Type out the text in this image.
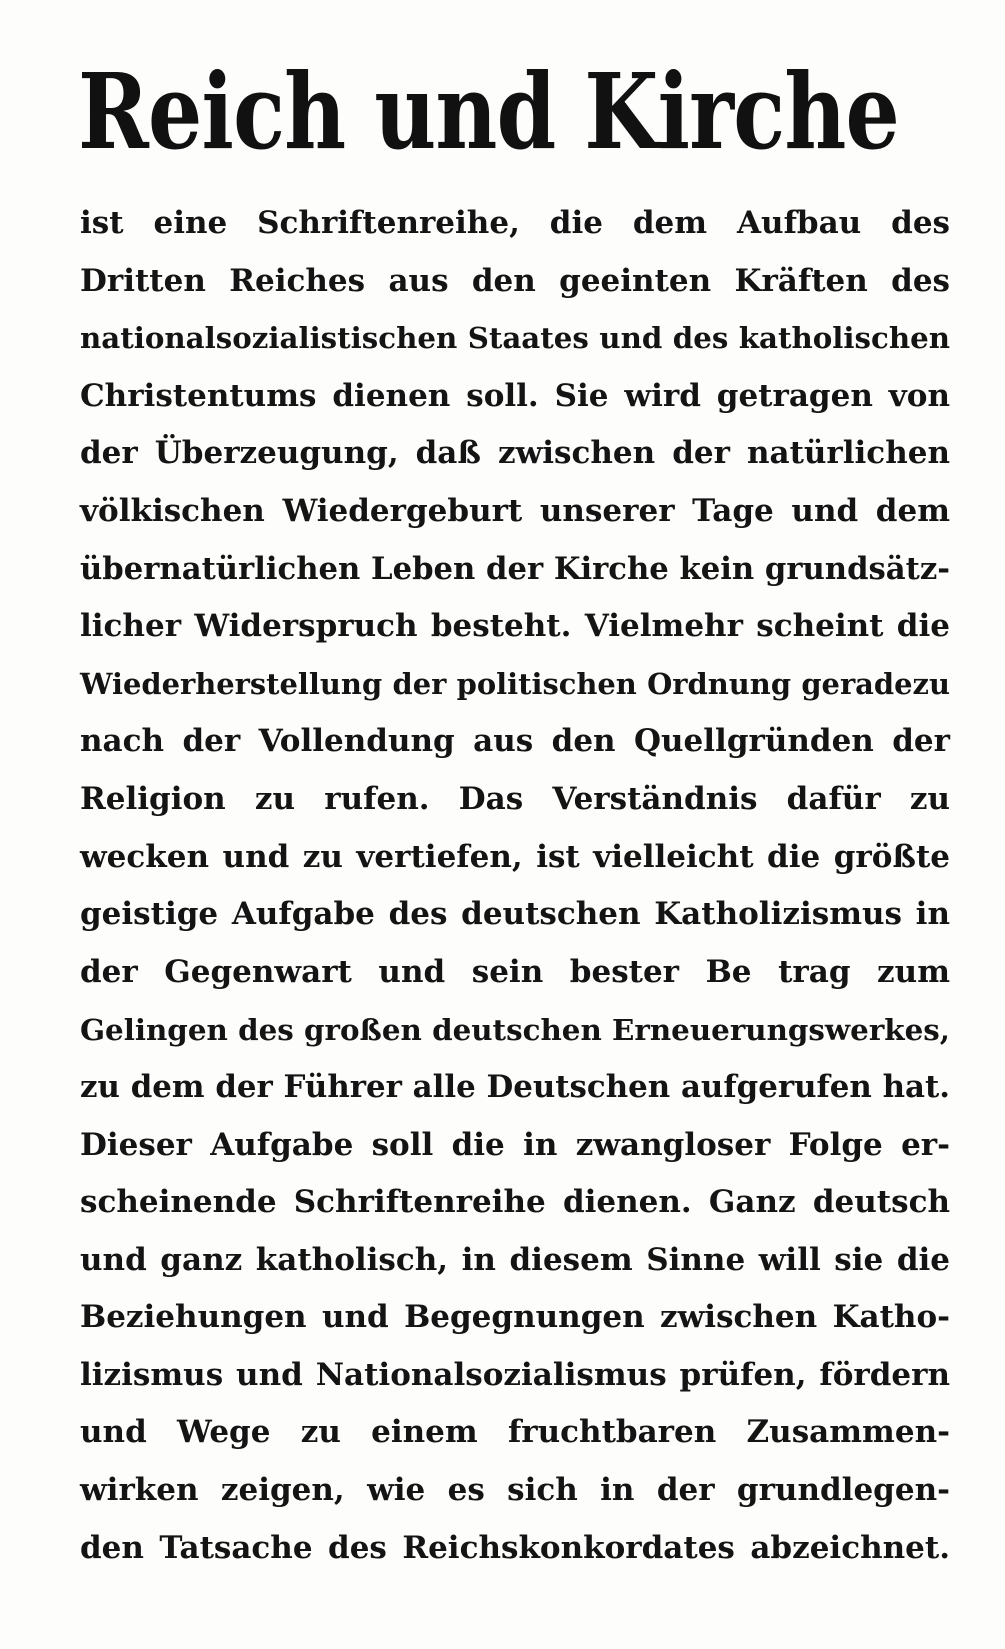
Reich und Kirche
ist eine Schriftenreihe, die dem Aufbau des
Dritten Reiches aus den geeinten Kräften des
nationalsozialistischen Staates und des katholischen
Christentums dienen soll. Sie wird getragen von
der Überzeugung, daß zwischen der natürlichen
völkischen Wiedergeburt unserer Tage und dem
übernatürlichen Leben der Kirche kein grundsätz-
licher Widerspruch besteht. Vielmehr scheint die
Wiederherstellung der politischen Ordnung geradezu
nach der Vollendung aus den Quellgründen der
Religion zu rufen. Das Verständnis dafür zu
wecken und zu vertiefen, ist vielleicht die größte
geistige Aufgabe des deutschen Katholizismus in
der Gegenwart und sein bester Be trag zum
Gelingen des großen deutschen Erneuerungswerkes,
zu dem der Führer alle Deutschen aufgerufen hat.
Dieser Aufgabe soll die in zwangloser Folge er-
scheinende Schriftenreihe dienen. Ganz deutsch
und ganz katholisch, in diesem Sinne will sie die
Beziehungen und Begegnungen zwischen Katho-
lizismus und Nationalsozialismus prüfen, fördern
und Wege zu einem fruchtbaren Zusammen-
wirken zeigen, wie es sich in der grundlegen-
den Tatsache des Reichskonkordates abzeichnet.
